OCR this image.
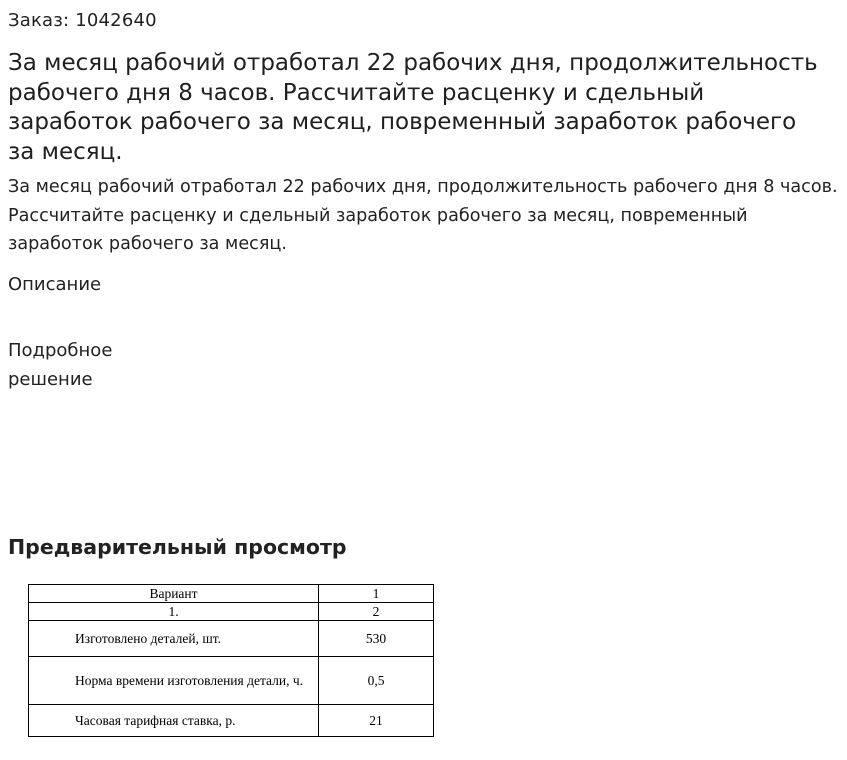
Заказ: 1042640
За месяц рабочий отработал 22 рабочих дня, продолжительность рабочего дня 8 часов. Рассчитайте расценку и сдельный заработок рабочего за месяц, повременный заработок рабочего за месяц.

За месяц рабочий отработал 22 рабочих дня, продолжительность рабочего дня 8 часов. Рассчитайте расценку и сдельный заработок рабочего за месяц, повременный заработок рабочего за месяц.

Описание
Подробное решение
Предварительный просмотр
Вариант	1
1.	2
Изготовлено деталей, шт.	530
Норма времени изготовления детали, ч.	0,5
Часовая тарифная ставка, р.	21
